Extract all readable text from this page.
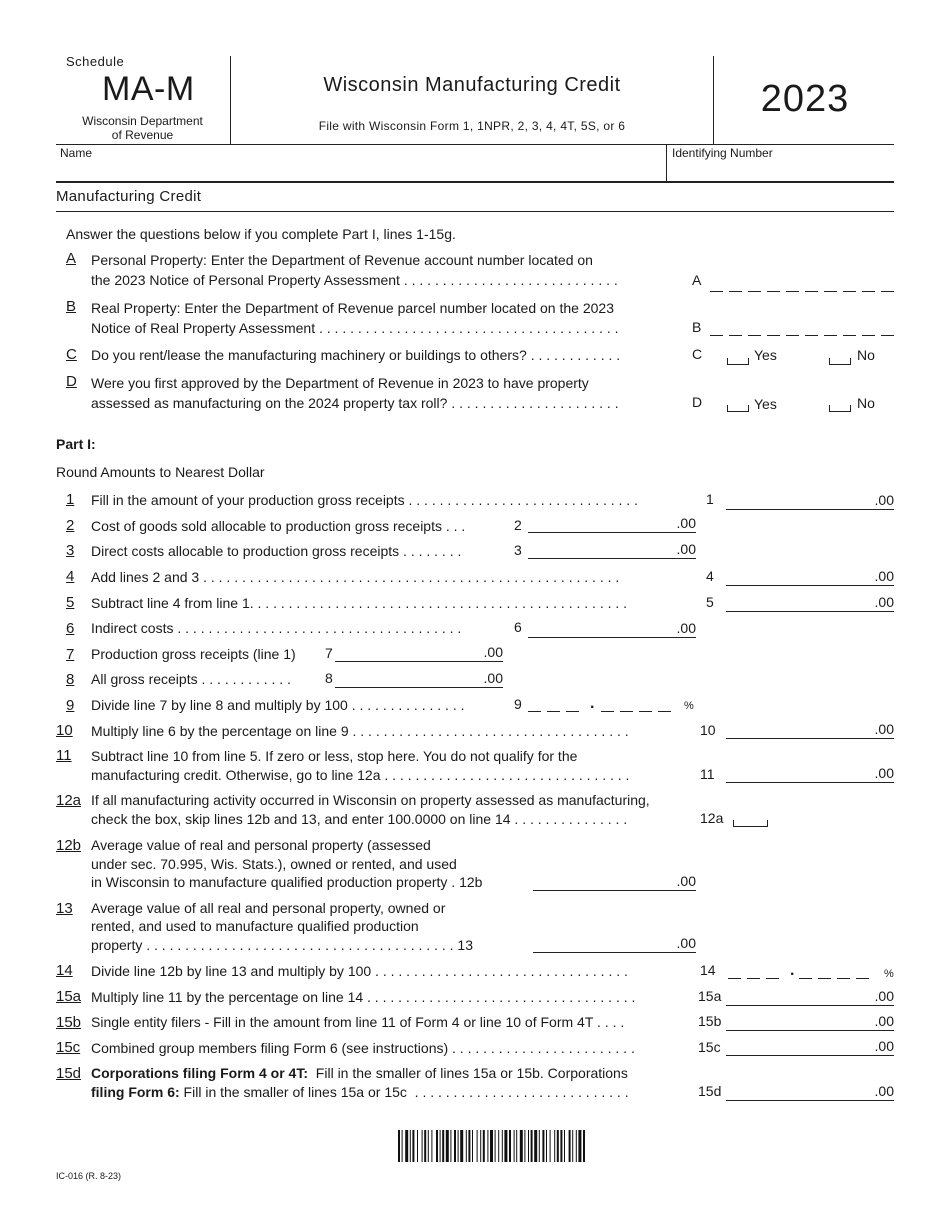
Schedule
MA-M
Wisconsin Department
of Revenue
Wisconsin Manufacturing Credit
File with Wisconsin Form 1, 1NPR, 2, 3, 4, 4T, 5S, or 6
2023
Name	Identifying Number
Manufacturing Credit
Answer the questions below if you complete Part I, lines 1-15g.
A Personal Property: Enter the Department of Revenue account number located on
the 2023 Notice of Personal Property Assessment . . . . . . . . . . . . . . . . . . . . . . . . . . . .	A
B Real Property: Enter the Department of Revenue parcel number located on the 2023
Notice of Real Property Assessment . . . . . . . . . . . . . . . . . . . . . . . . . . . . . . . . . . . . . . .	B
C Do you rent/lease the manufacturing machinery or buildings to others? . . . . . . . . . . . .	C	Yes	No
D Were you first approved by the Department of Revenue in 2023 to have property
assessed as manufacturing on the 2024 property tax roll? . . . . . . . . . . . . . . . . . . . . . .	D	Yes	No
Part I:
Round Amounts to Nearest Dollar
1 Fill in the amount of your production gross receipts . . . . . . . . . . . . . . . . . . . . . . . . . . . . . .	1	.00
2 Cost of goods sold allocable to production gross receipts . . .	2	.00
3 Direct costs allocable to production gross receipts . . . . . . . .	3	.00
4 Add lines 2 and 3 . . . . . . . . . . . . . . . . . . . . . . . . . . . . . . . . . . . . . . . . . . . . . . . . . . . . . .	4	.00
5 Subtract line 4 from line 1. . . . . . . . . . . . . . . . . . . . . . . . . . . . . . . . . . . . . . . . . . . . . . . . .	5	.00
6 Indirect costs . . . . . . . . . . . . . . . . . . . . . . . . . . . . . . . . . . . . .	6	.00
7 Production gross receipts (line 1) 7	.00
8 All gross receipts . . . . . . . . . . . . 8	.00
9 Divide line 7 by line 8 and multiply by 100 . . . . . . . . . . . . . . .	9	.	%
10 Multiply line 6 by the percentage on line 9 . . . . . . . . . . . . . . . . . . . . . . . . . . . . . . . . . . . .	10	.00
11 Subtract line 10 from line 5. If zero or less, stop here. You do not qualify for the
manufacturing credit. Otherwise, go to line 12a . . . . . . . . . . . . . . . . . . . . . . . . . . . . . . . .	11	.00
12a If all manufacturing activity occurred in Wisconsin on property assessed as manufacturing,
check the box, skip lines 12b and 13, and enter 100.0000 on line 14 . . . . . . . . . . . . . . .	12a
12b Average value of real and personal property (assessed
under sec. 70.995, Wis. Stats.), owned or rented, and used
in Wisconsin to manufacture qualified production property . 12b	.00
13 Average value of all real and personal property, owned or
rented, and used to manufacture qualified production
property . . . . . . . . . . . . . . . . . . . . . . . . . . . . . . . . . . . . . . . . 13	.00
14 Divide line 12b by line 13 and multiply by 100 . . . . . . . . . . . . . . . . . . . . . . . . . . . . . . . . .	14	.	%
15a Multiply line 11 by the percentage on line 14 . . . . . . . . . . . . . . . . . . . . . . . . . . . . . . . . . . .	15a	.00
15b Single entity filers - Fill in the amount from line 11 of Form 4 or line 10 of Form 4T . . . .	15b	.00
15c Combined group members filing Form 6 (see instructions) . . . . . . . . . . . . . . . . . . . . . . . .	15c	.00
15d Corporations filing Form 4 or 4T:  Fill in the smaller of lines 15a or 15b. Corporations
filing Form 6: Fill in the smaller of lines 15a or 15c  . . . . . . . . . . . . . . . . . . . . . . . . . . . .	15d	.00
IC-016 (R. 8-23)
